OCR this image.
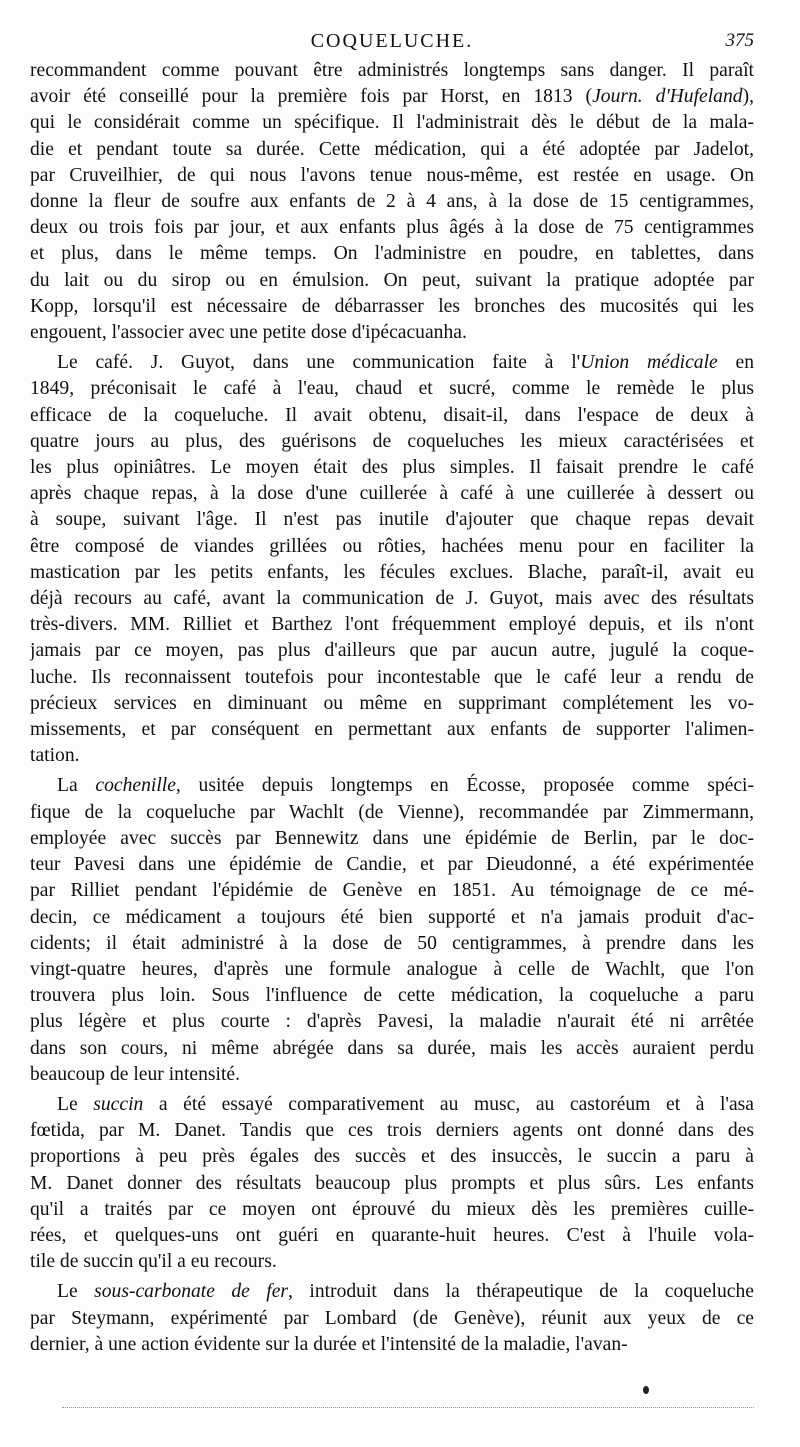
COQUELUCHE.	375
recommandent comme pouvant être administrés longtemps sans danger. Il paraît
avoir été conseillé pour la première fois par Horst, en 1813 (Journ. d'Hufeland),
qui le considérait comme un spécifique. Il l'administrait dès le début de la mala-
die et pendant toute sa durée. Cette médication, qui a été adoptée par Jadelot,
par Cruveilhier, de qui nous l'avons tenue nous-même, est restée en usage. On
donne la fleur de soufre aux enfants de 2 à 4 ans, à la dose de 15 centigrammes,
deux ou trois fois par jour, et aux enfants plus âgés à la dose de 75 centigrammes
et plus, dans le même temps. On l'administre en poudre, en tablettes, dans
du lait ou du sirop ou en émulsion. On peut, suivant la pratique adoptée par
Kopp, lorsqu'il est nécessaire de débarrasser les bronches des mucosités qui les
engouent, l'associer avec une petite dose d'ipécacuanha.
Le café. J. Guyot, dans une communication faite à l'Union médicale en
1849, préconisait le café à l'eau, chaud et sucré, comme le remède le plus
efficace de la coqueluche. Il avait obtenu, disait-il, dans l'espace de deux à
quatre jours au plus, des guérisons de coqueluches les mieux caractérisées et
les plus opiniâtres. Le moyen était des plus simples. Il faisait prendre le café
après chaque repas, à la dose d'une cuillerée à café à une cuillerée à dessert ou
à soupe, suivant l'âge. Il n'est pas inutile d'ajouter que chaque repas devait
être composé de viandes grillées ou rôties, hachées menu pour en faciliter la
mastication par les petits enfants, les fécules exclues. Blache, paraît-il, avait eu
déjà recours au café, avant la communication de J. Guyot, mais avec des résultats
très-divers. MM. Rilliet et Barthez l'ont fréquemment employé depuis, et ils n'ont
jamais par ce moyen, pas plus d'ailleurs que par aucun autre, jugulé la coque-
luche. Ils reconnaissent toutefois pour incontestable que le café leur a rendu de
précieux services en diminuant ou même en supprimant complétement les vo-
missements, et par conséquent en permettant aux enfants de supporter l'alimen-
tation.
La cochenille, usitée depuis longtemps en Écosse, proposée comme spéci-
fique de la coqueluche par Wachlt (de Vienne), recommandée par Zimmermann,
employée avec succès par Bennewitz dans une épidémie de Berlin, par le doc-
teur Pavesi dans une épidémie de Candie, et par Dieudonné, a été expérimentée
par Rilliet pendant l'épidémie de Genève en 1851. Au témoignage de ce mé-
decin, ce médicament a toujours été bien supporté et n'a jamais produit d'ac-
cidents; il était administré à la dose de 50 centigrammes, à prendre dans les
vingt-quatre heures, d'après une formule analogue à celle de Wachlt, que l'on
trouvera plus loin. Sous l'influence de cette médication, la coqueluche a paru
plus légère et plus courte : d'après Pavesi, la maladie n'aurait été ni arrêtée
dans son cours, ni même abrégée dans sa durée, mais les accès auraient perdu
beaucoup de leur intensité.
Le succin a été essayé comparativement au musc, au castoréum et à l'asa
fœtida, par M. Danet. Tandis que ces trois derniers agents ont donné dans des
proportions à peu près égales des succès et des insuccès, le succin a paru à
M. Danet donner des résultats beaucoup plus prompts et plus sûrs. Les enfants
qu'il a traités par ce moyen ont éprouvé du mieux dès les premières cuille-
rées, et quelques-uns ont guéri en quarante-huit heures. C'est à l'huile vola-
tile de succin qu'il a eu recours.
Le sous-carbonate de fer, introduit dans la thérapeutique de la coqueluche
par Steymann, expérimenté par Lombard (de Genève), réunit aux yeux de ce
dernier, à une action évidente sur la durée et l'intensité de la maladie, l'avan-
